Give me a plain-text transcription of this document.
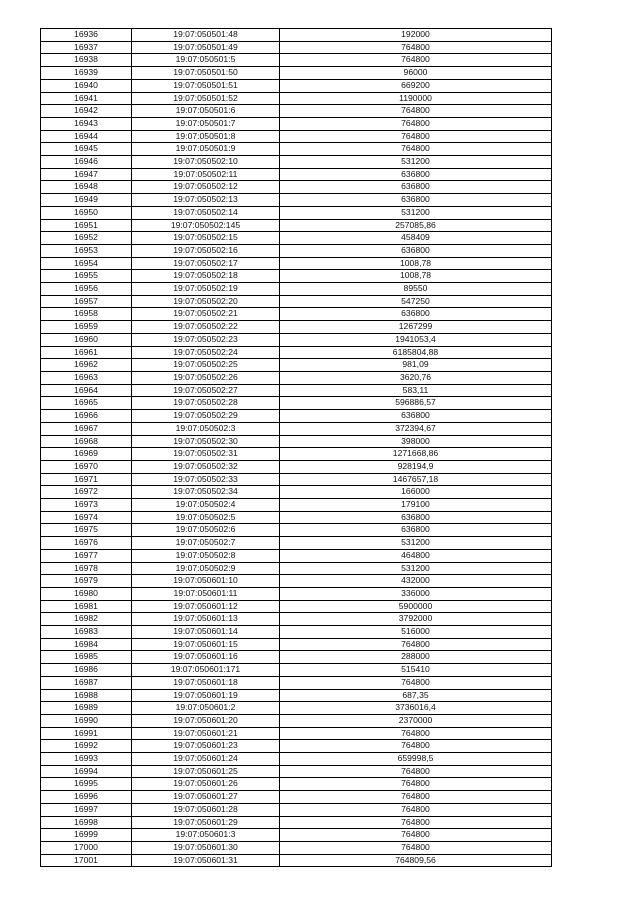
16936	19:07:050501:48	192000
16937	19:07:050501:49	764800
16938	19:07:050501:5	764800
16939	19:07:050501:50	96000
16940	19:07:050501:51	669200
16941	19:07:050501:52	1190000
16942	19:07:050501:6	764800
16943	19:07:050501:7	764800
16944	19:07:050501:8	764800
16945	19:07:050501:9	764800
16946	19:07:050502:10	531200
16947	19:07:050502:11	636800
16948	19:07:050502:12	636800
16949	19:07:050502:13	636800
16950	19:07:050502:14	531200
16951	19:07:050502:145	257085,86
16952	19:07:050502:15	458409
16953	19:07:050502:16	636800
16954	19:07:050502:17	1008,78
16955	19:07:050502:18	1008,78
16956	19:07:050502:19	89550
16957	19:07:050502:20	547250
16958	19:07:050502:21	636800
16959	19:07:050502:22	1267299
16960	19:07:050502:23	1941053,4
16961	19:07:050502:24	6185804,88
16962	19:07:050502:25	981,09
16963	19:07:050502:26	3620,76
16964	19:07:050502:27	583,11
16965	19:07:050502:28	596886,57
16966	19:07:050502:29	636800
16967	19:07:050502:3	372394,67
16968	19:07:050502:30	398000
16969	19:07:050502:31	1271668,86
16970	19:07:050502:32	928194,9
16971	19:07:050502:33	1467657,18
16972	19:07:050502:34	166000
16973	19:07:050502:4	179100
16974	19:07:050502:5	636800
16975	19:07:050502:6	636800
16976	19:07:050502:7	531200
16977	19:07:050502:8	464800
16978	19:07:050502:9	531200
16979	19:07:050601:10	432000
16980	19:07:050601:11	336000
16981	19:07:050601:12	5900000
16982	19:07:050601:13	3792000
16983	19:07:050601:14	516000
16984	19:07:050601:15	764800
16985	19:07:050601:16	288000
16986	19:07:050601:171	515410
16987	19:07:050601:18	764800
16988	19:07:050601:19	687,35
16989	19:07:050601:2	3736016,4
16990	19:07:050601:20	2370000
16991	19:07:050601:21	764800
16992	19:07:050601:23	764800
16993	19:07:050601:24	659998,5
16994	19:07:050601:25	764800
16995	19:07:050601:26	764800
16996	19:07:050601:27	764800
16997	19:07:050601:28	764800
16998	19:07:050601:29	764800
16999	19:07:050601:3	764800
17000	19:07:050601:30	764800
17001	19:07:050601:31	764809,56
